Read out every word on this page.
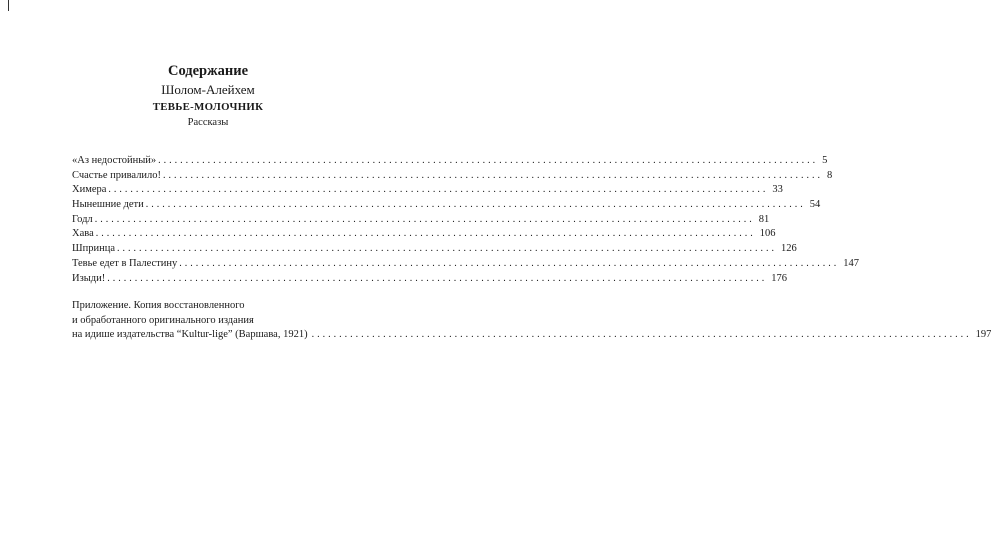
Содержание
Шолом-Алейхем
ТЕВЬЕ-МОЛОЧНИК
Рассказы
«Аз недостойный» ........................................................................................................................ 5
Счастье привалило! ........................................................................................................................ 8
Химера ........................................................................................................................ 33
Нынешние дети ........................................................................................................................ 54
Годл ........................................................................................................................ 81
Хава ........................................................................................................................ 106
Шпринца ........................................................................................................................ 126
Тевье едет в Палестину ........................................................................................................................ 147
Изыди! ........................................................................................................................ 176
Приложение. Копия восстановленного
и обработанного оригинального издания
на идише издательства “Kultur-lige” (Варшава, 1921) ........................................................................................................................ 197
